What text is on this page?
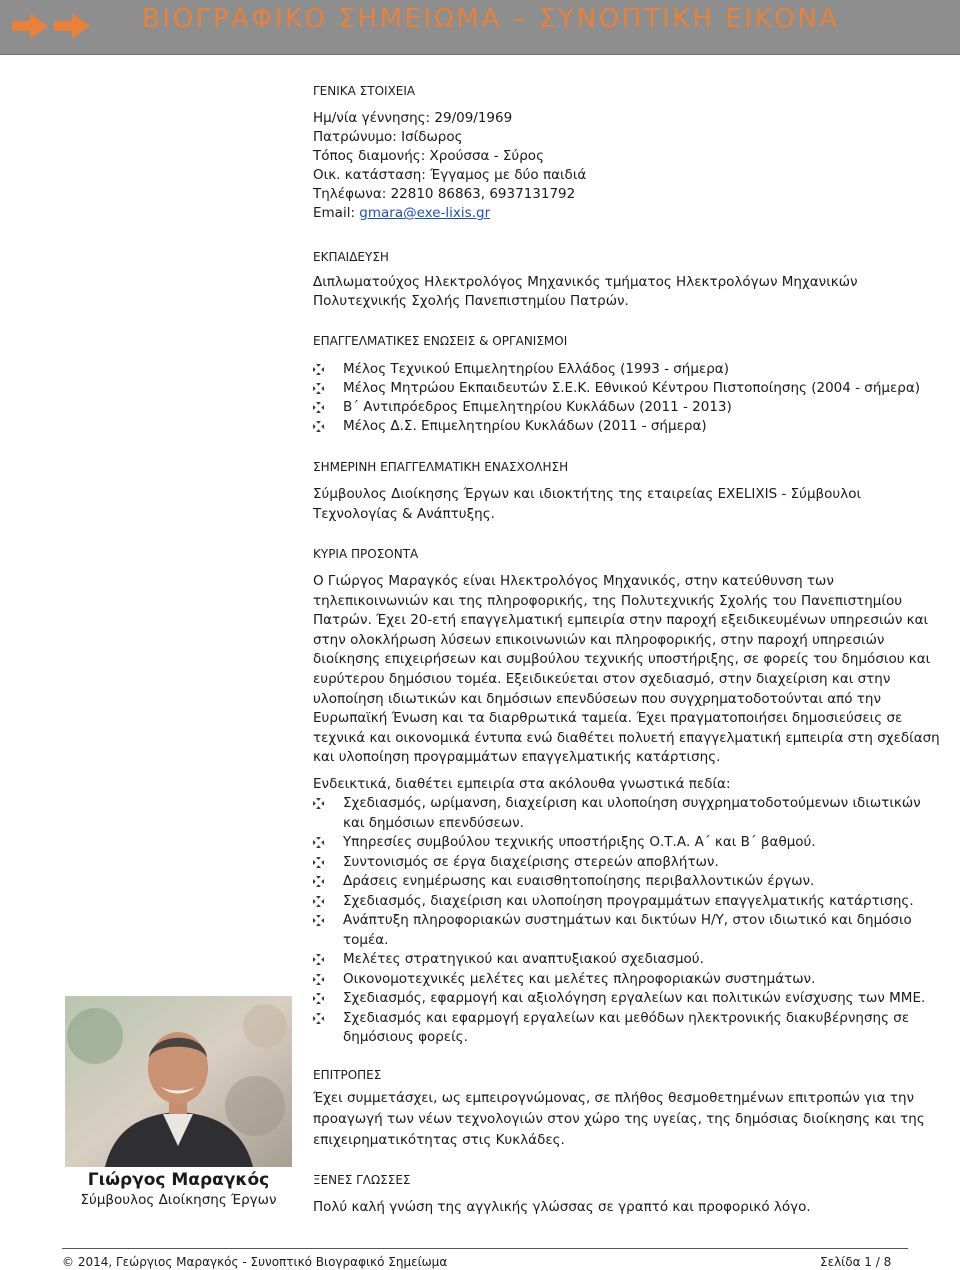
ΒΙΟΓΡΑΦΙΚΟ ΣΗΜΕΙΩΜΑ – ΣΥΝΟΠΤΙΚΗ ΕΙΚΟΝΑ
ΓΕΝΙΚΑ ΣΤΟΙΧΕΙΑ
Ημ/νία γέννησης: 29/09/1969
Πατρώνυμο: Ισίδωρος
Τόπος διαμονής: Χρούσσα - Σύρος
Οικ. κατάσταση: Έγγαμος με δύο παιδιά
Τηλέφωνα: 22810 86863, 6937131792
Email: gmara@exe-lixis.gr
ΕΚΠΑΙΔΕΥΣΗ
Διπλωματούχος Ηλεκτρολόγος Μηχανικός τμήματος Ηλεκτρολόγων Μηχανικών
Πολυτεχνικής Σχολής Πανεπιστημίου Πατρών.
ΕΠΑΓΓΕΛΜΑΤΙΚΕΣ ΕΝΩΣΕΙΣ & ΟΡΓΑΝΙΣΜΟΙ
Μέλος Τεχνικού Επιμελητηρίου Ελλάδος (1993 - σήμερα)
Μέλος Μητρώου Εκπαιδευτών Σ.Ε.Κ. Εθνικού Κέντρου Πιστοποίησης (2004 - σήμερα)
Β΄ Αντιπρόεδρος Επιμελητηρίου Κυκλάδων (2011 - 2013)
Μέλος Δ.Σ. Επιμελητηρίου Κυκλάδων (2011 - σήμερα)
ΣΗΜΕΡΙΝΗ ΕΠΑΓΓΕΛΜΑΤΙΚΗ ΕΝΑΣΧΟΛΗΣΗ
Σύμβουλος Διοίκησης Έργων και ιδιοκτήτης της εταιρείας EXELIXIS - Σύμβουλοι
Τεχνολογίας & Ανάπτυξης.
ΚΥΡΙΑ ΠΡΟΣΟΝΤΑ
Ο Γιώργος Μαραγκός είναι Ηλεκτρολόγος Μηχανικός, στην κατεύθυνση των
τηλεπικοινωνιών και της πληροφορικής, της Πολυτεχνικής Σχολής του Πανεπιστημίου
Πατρών. Έχει 20-ετή επαγγελματική εμπειρία στην παροχή εξειδικευμένων υπηρεσιών και
στην ολοκλήρωση λύσεων επικοινωνιών και πληροφορικής, στην παροχή υπηρεσιών
διοίκησης επιχειρήσεων και συμβούλου τεχνικής υποστήριξης, σε φορείς του δημόσιου και
ευρύτερου δημόσιου τομέα. Εξειδικεύεται στον σχεδιασμό, στην διαχείριση και στην
υλοποίηση ιδιωτικών και δημόσιων επενδύσεων που συγχρηματοδοτούνται από την
Ευρωπαϊκή Ένωση και τα διαρθρωτικά ταμεία. Έχει πραγματοποιήσει δημοσιεύσεις σε
τεχνικά και οικονομικά έντυπα ενώ διαθέτει πολυετή επαγγελματική εμπειρία στη σχεδίαση
και υλοποίηση προγραμμάτων επαγγελματικής κατάρτισης.
Ενδεικτικά, διαθέτει εμπειρία στα ακόλουθα γνωστικά πεδία:
Σχεδιασμός, ωρίμανση, διαχείριση και υλοποίηση συγχρηματοδοτούμενων ιδιωτικών
και δημόσιων επενδύσεων.
Υπηρεσίες συμβούλου τεχνικής υποστήριξης Ο.Τ.Α. Α΄ και Β΄ βαθμού.
Συντονισμός σε έργα διαχείρισης στερεών αποβλήτων.
Δράσεις ενημέρωσης και ευαισθητοποίησης περιβαλλοντικών έργων.
Σχεδιασμός, διαχείριση και υλοποίηση προγραμμάτων επαγγελματικής κατάρτισης.
Ανάπτυξη πληροφοριακών συστημάτων και δικτύων Η/Υ, στον ιδιωτικό και δημόσιο
τομέα.
Μελέτες στρατηγικού και αναπτυξιακού σχεδιασμού.
Οικονομοτεχνικές μελέτες και μελέτες πληροφοριακών συστημάτων.
Σχεδιασμός, εφαρμογή και αξιολόγηση εργαλείων και πολιτικών ενίσχυσης των ΜΜΕ.
Σχεδιασμός και εφαρμογή εργαλείων και μεθόδων ηλεκτρονικής διακυβέρνησης σε
δημόσιους φορείς.
ΕΠΙΤΡΟΠΕΣ
Έχει συμμετάσχει, ως εμπειρογνώμονας, σε πλήθος θεσμοθετημένων επιτροπών για την
προαγωγή των νέων τεχνολογιών στον χώρο της υγείας, της δημόσιας διοίκησης και της
επιχειρηματικότητας στις Κυκλάδες.
ΞΕΝΕΣ ΓΛΩΣΣΕΣ
Πολύ καλή γνώση της αγγλικής γλώσσας σε γραπτό και προφορικό λόγο.
Γιώργος Μαραγκός
Σύμβουλος Διοίκησης Έργων
© 2014, Γεώργιος Μαραγκός - Συνοπτικό Βιογραφικό Σημείωμα	Σελίδα 1 / 8
